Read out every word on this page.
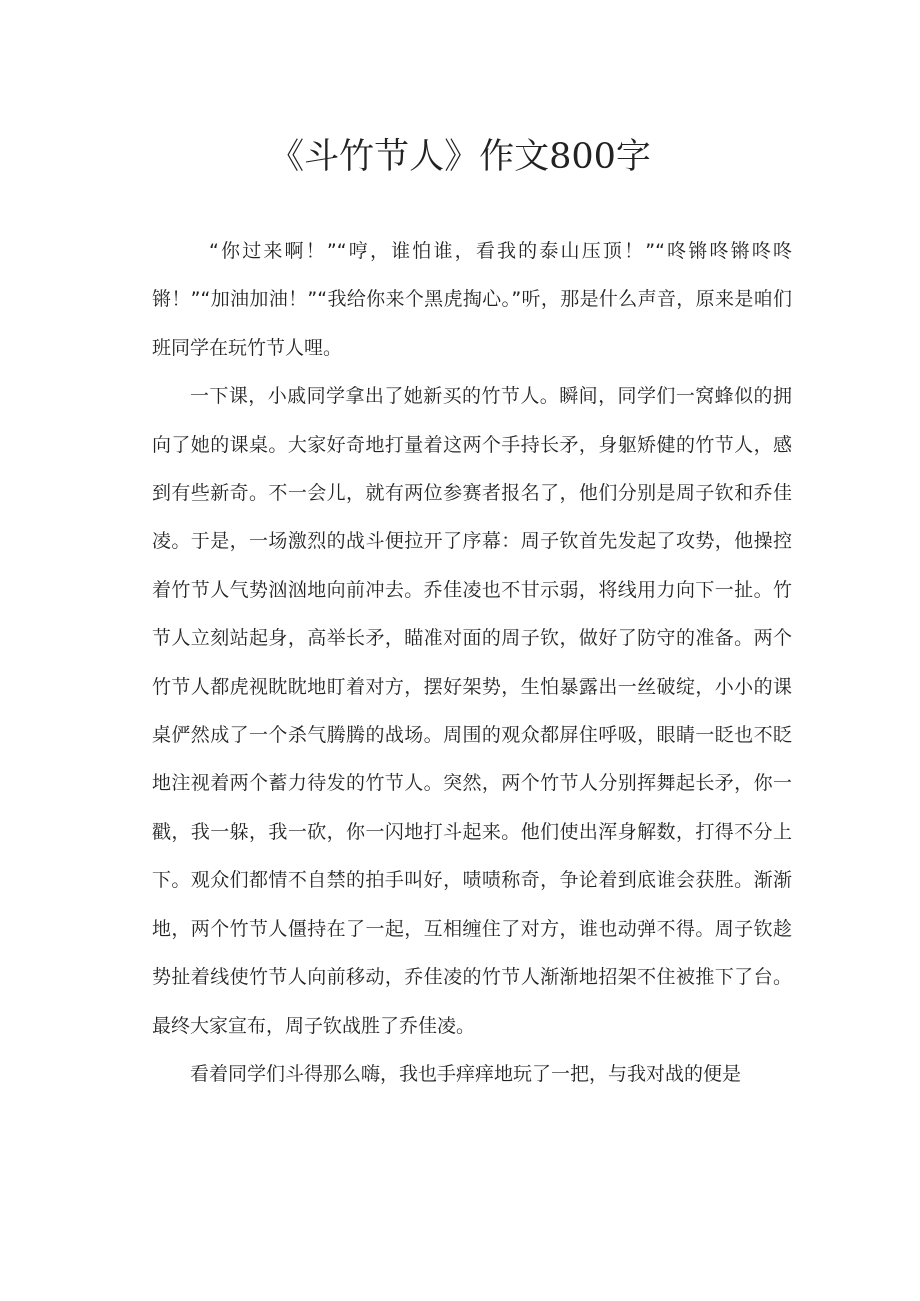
《斗竹节人》作文800字

“你过来啊！”“哼，谁怕谁，看我的泰山压顶！”“咚锵咚锵咚咚锵！”“加油加油！”“我给你来个黑虎掏心。”听，那是什么声音，原来是咱们班同学在玩竹节人哩。

一下课，小戚同学拿出了她新买的竹节人。瞬间，同学们一窝蜂似的拥向了她的课桌。大家好奇地打量着这两个手持长矛，身躯矫健的竹节人，感到有些新奇。不一会儿，就有两位参赛者报名了，他们分别是周子钦和乔佳凌。于是，一场激烈的战斗便拉开了序幕：周子钦首先发起了攻势，他操控着竹节人气势汹汹地向前冲去。乔佳凌也不甘示弱，将线用力向下一扯。竹节人立刻站起身，高举长矛，瞄准对面的周子钦，做好了防守的准备。两个竹节人都虎视眈眈地盯着对方，摆好架势，生怕暴露出一丝破绽，小小的课桌俨然成了一个杀气腾腾的战场。周围的观众都屏住呼吸，眼睛一眨也不眨地注视着两个蓄力待发的竹节人。突然，两个竹节人分别挥舞起长矛，你一戳，我一躲，我一砍，你一闪地打斗起来。他们使出浑身解数，打得不分上下。观众们都情不自禁的拍手叫好，啧啧称奇，争论着到底谁会获胜。渐渐地，两个竹节人僵持在了一起，互相缠住了对方，谁也动弹不得。周子钦趁势扯着线使竹节人向前移动，乔佳凌的竹节人渐渐地招架不住被推下了台。最终大家宣布，周子钦战胜了乔佳凌。

看着同学们斗得那么嗨，我也手痒痒地玩了一把，与我对战的便是
